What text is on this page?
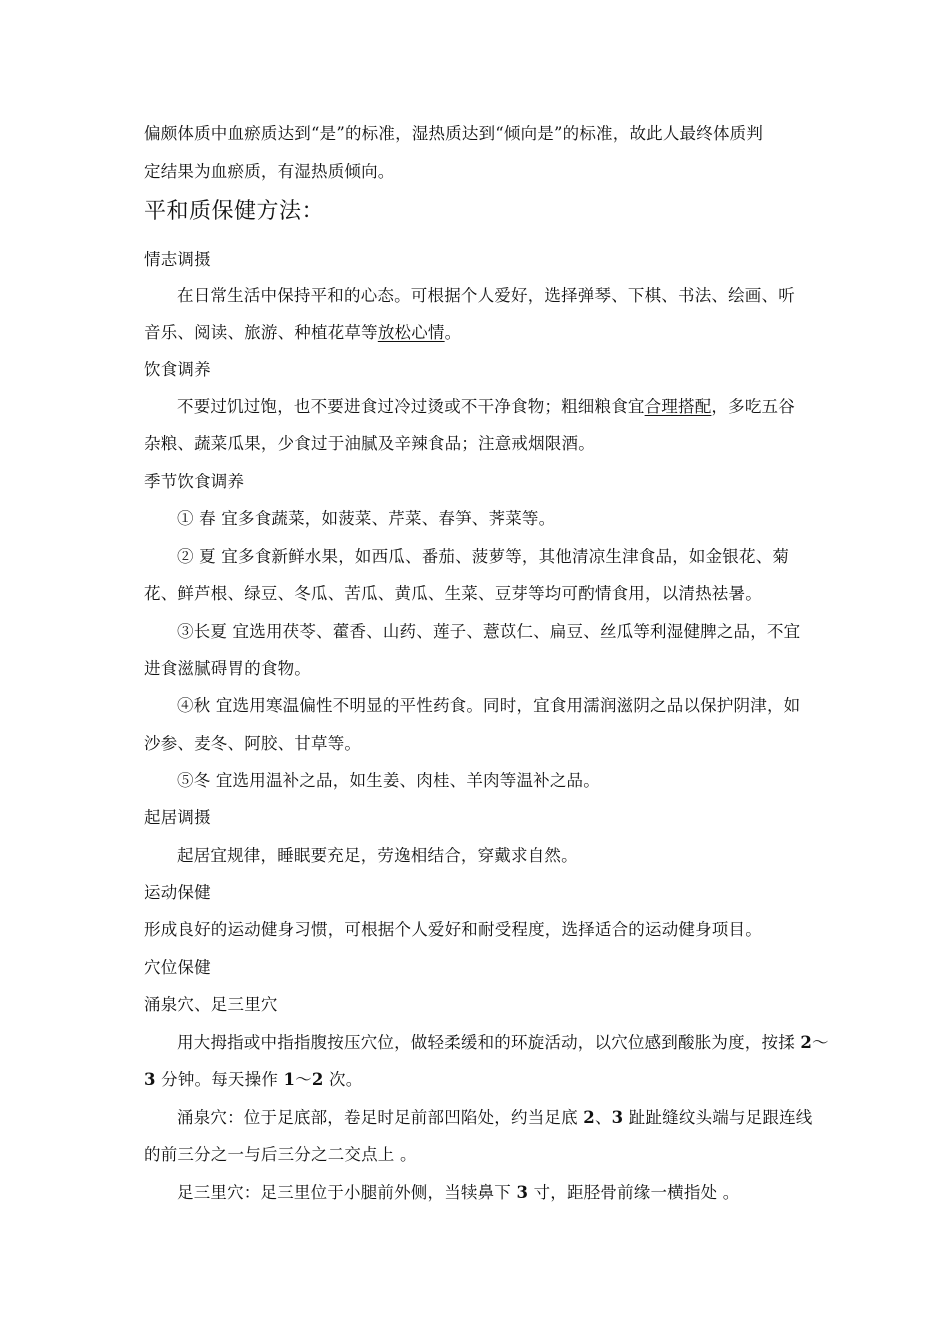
偏颇体质中血瘀质达到“是”的标准，湿热质达到“倾向是”的标准，故此人最终体质判
定结果为血瘀质，有湿热质倾向。
平和质保健方法：
情志调摄
在日常生活中保持平和的心态。可根据个人爱好，选择弹琴、下棋、书法、绘画、听
音乐、阅读、旅游、种植花草等放松心情。
饮食调养
不要过饥过饱，也不要进食过冷过烫或不干净食物；粗细粮食宜合理搭配，多吃五谷
杂粮、蔬菜瓜果，少食过于油腻及辛辣食品；注意戒烟限酒。
季节饮食调养
① 春 宜多食蔬菜，如菠菜、芹菜、春笋、荠菜等。
② 夏 宜多食新鲜水果，如西瓜、番茄、菠萝等，其他清凉生津食品，如金银花、菊
花、鲜芦根、绿豆、冬瓜、苦瓜、黄瓜、生菜、豆芽等均可酌情食用，以清热祛暑。
③长夏 宜选用茯苓、藿香、山药、莲子、薏苡仁、扁豆、丝瓜等利湿健脾之品，不宜
进食滋腻碍胃的食物。
④秋 宜选用寒温偏性不明显的平性药食。同时，宜食用濡润滋阴之品以保护阴津，如
沙参、麦冬、阿胶、甘草等。
⑤冬 宜选用温补之品，如生姜、肉桂、羊肉等温补之品。
起居调摄
起居宜规律，睡眠要充足，劳逸相结合，穿戴求自然。
运动保健
形成良好的运动健身习惯，可根据个人爱好和耐受程度，选择适合的运动健身项目。
穴位保健
涌泉穴、足三里穴
用大拇指或中指指腹按压穴位，做轻柔缓和的环旋活动，以穴位感到酸胀为度，按揉 2～
3 分钟。每天操作 1～2 次。
涌泉穴：位于足底部，卷足时足前部凹陷处，约当足底 2、3 趾趾缝纹头端与足跟连线
的前三分之一与后三分之二交点上 。
足三里穴：足三里位于小腿前外侧，当犊鼻下 3 寸，距胫骨前缘一横指处 。
